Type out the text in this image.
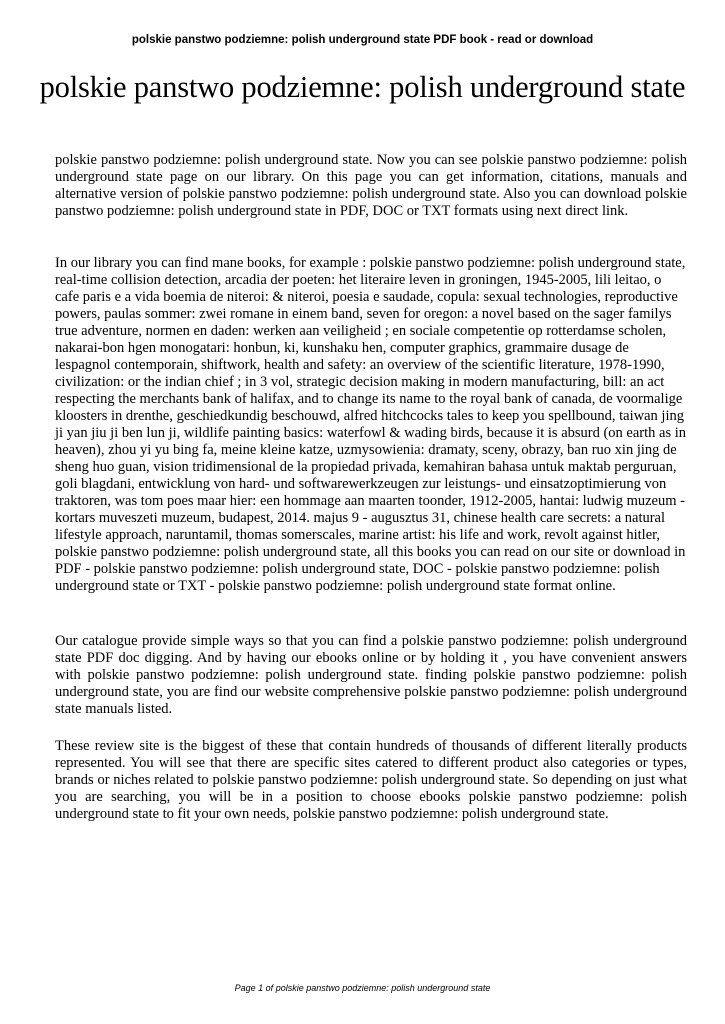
polskie panstwo podziemne: polish underground state PDF book - read or download
polskie panstwo podziemne: polish underground state

polskie panstwo podziemne: polish underground state. Now you can see polskie panstwo podziemne: polish underground state page on our library. On this page you can get information, citations, manuals and alternative version of polskie panstwo podziemne: polish underground state. Also you can download polskie panstwo podziemne: polish underground state in PDF, DOC or TXT formats using next direct link.

In our library you can find mane books, for example : polskie panstwo podziemne: polish underground state, real-time collision detection, arcadia der poeten: het literaire leven in groningen, 1945-2005, lili leitao, o cafe paris e a vida boemia de niteroi: & niteroi, poesia e saudade, copula: sexual technologies, reproductive powers, paulas sommer: zwei romane in einem band, seven for oregon: a novel based on the sager familys true adventure, normen en daden: werken aan veiligheid ; en sociale competentie op rotterdamse scholen, nakarai-bon hgen monogatari: honbun, ki, kunshaku hen, computer graphics, grammaire dusage de lespagnol contemporain, shiftwork, health and safety: an overview of the scientific literature, 1978-1990, civilization: or the indian chief ; in 3 vol, strategic decision making in modern manufacturing, bill: an act respecting the merchants bank of halifax, and to change its name to the royal bank of canada, de voormalige kloosters in drenthe, geschiedkundig beschouwd, alfred hitchcocks tales to keep you spellbound, taiwan jing ji yan jiu ji ben lun ji, wildlife painting basics: waterfowl & wading birds, because it is absurd (on earth as in heaven), zhou yi yu bing fa, meine kleine katze, uzmysowienia: dramaty, sceny, obrazy, ban ruo xin jing de sheng huo guan, vision tridimensional de la propiedad privada, kemahiran bahasa untuk maktab perguruan, goli blagdani, entwicklung von hard- und softwarewerkzeugen zur leistungs- und einsatzoptimierung von traktoren, was tom poes maar hier: een hommage aan maarten toonder, 1912-2005, hantai: ludwig muzeum - kortars muveszeti muzeum, budapest, 2014. majus 9 - augusztus 31, chinese health care secrets: a natural lifestyle approach, naruntamil, thomas somerscales, marine artist: his life and work, revolt against hitler, polskie panstwo podziemne: polish underground state, all this books you can read on our site or download in PDF - polskie panstwo podziemne: polish underground state, DOC - polskie panstwo podziemne: polish underground state or TXT - polskie panstwo podziemne: polish underground state format online.

Our catalogue provide simple ways so that you can find a polskie panstwo podziemne: polish underground state PDF doc digging. And by having our ebooks online or by holding it , you have convenient answers with polskie panstwo podziemne: polish underground state. finding polskie panstwo podziemne: polish underground state, you are find our website comprehensive polskie panstwo podziemne: polish underground state manuals listed.

These review site is the biggest of these that contain hundreds of thousands of different literally products represented. You will see that there are specific sites catered to different product also categories or types, brands or niches related to polskie panstwo podziemne: polish underground state. So depending on just what you are searching, you will be in a position to choose ebooks polskie panstwo podziemne: polish underground state to fit your own needs, polskie panstwo podziemne: polish underground state.

Page 1 of polskie panstwo podziemne: polish underground state
